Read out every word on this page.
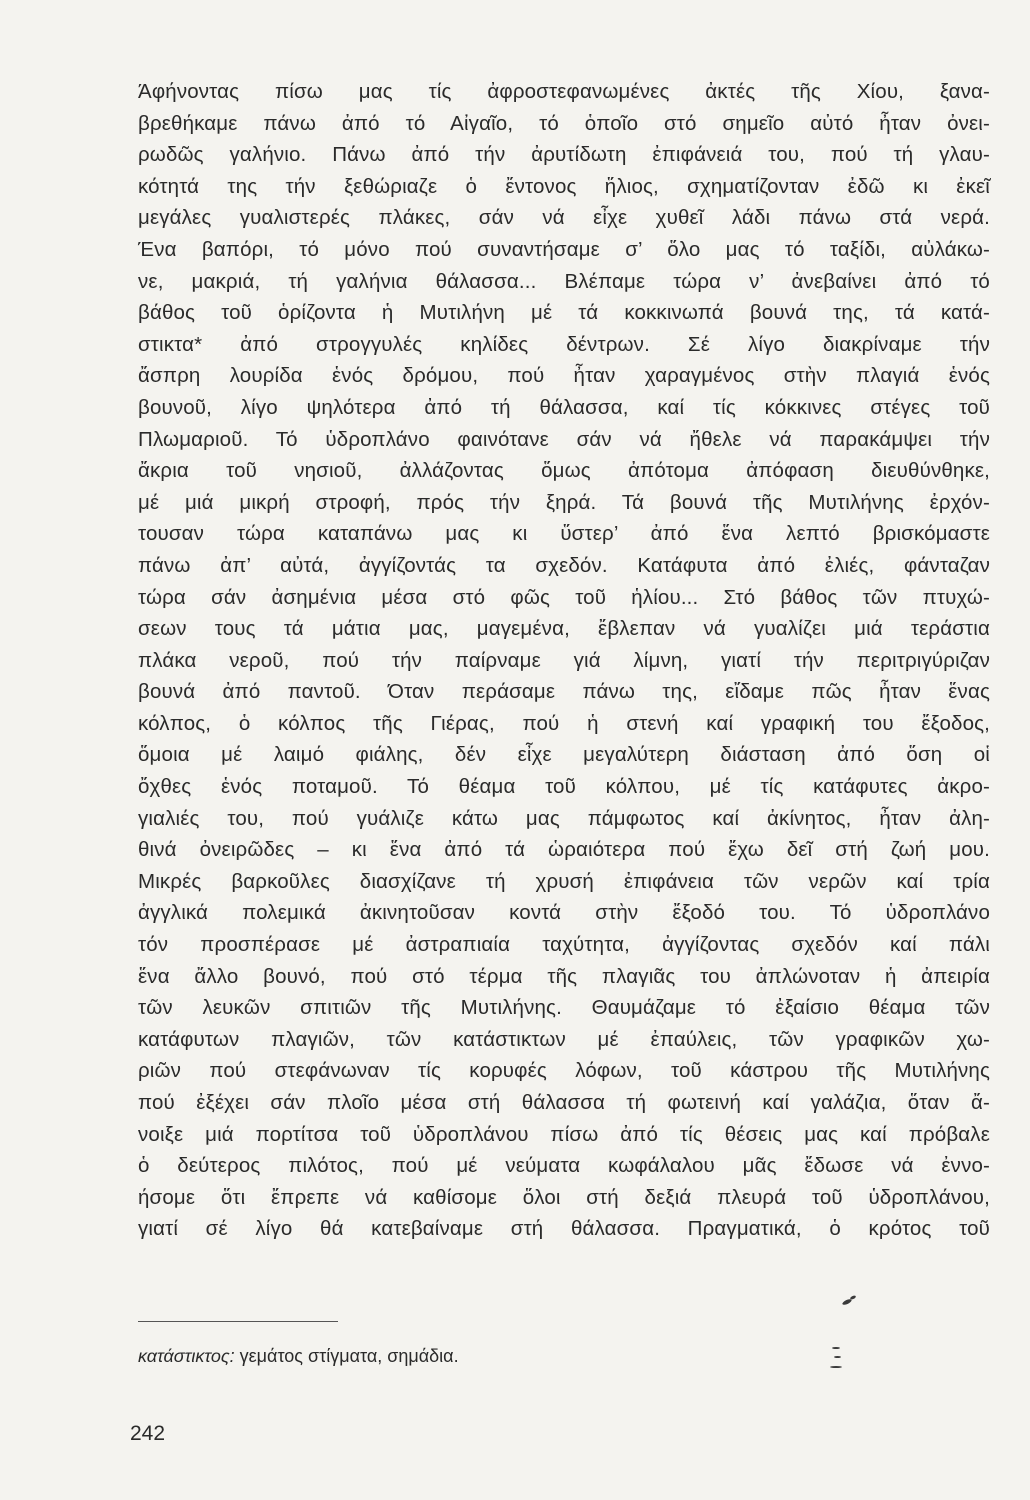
Άφήνοντας πίσω μας τίς ἀφροστεφανωμένες ἀκτές τῆς Χίου, ξανα-
βρεθήκαμε πάνω ἀπό τό Αἰγαῖο, τό ὁποῖο στό σημεῖο αὐτό ἦταν ὀνει-
ρωδῶς γαλήνιο. Πάνω ἀπό τήν ἀρυτίδωτη ἐπιφάνειά του, πού τή γλαυ-
κότητά της τήν ξεθώριαζε ὁ ἔντονος ἥλιος, σχηματίζονταν ἐδῶ κι ἐκεῖ
μεγάλες γυαλιστερές πλάκες, σάν νά εἶχε χυθεῖ λάδι πάνω στά νερά.
Ένα βαπόρι, τό μόνο πού συναντήσαμε σ’ ὅλο μας τό ταξίδι, αὐλάκω-
νε, μακριά, τή γαλήνια θάλασσα... Βλέπαμε τώρα ν’ ἀνεβαίνει ἀπό τό
βάθος τοῦ ὁρίζοντα ἡ Μυτιλήνη μέ τά κοκκινωπά βουνά της, τά κατά-
στικτα* ἀπό στρογγυλές κηλίδες δέντρων. Σέ λίγο διακρίναμε τήν
ἄσπρη λουρίδα ἑνός δρόμου, πού ἦταν χαραγμένος στὴν πλαγιά ἑνός
βουνοῦ, λίγο ψηλότερα ἀπό τή θάλασσα, καί τίς κόκκινες στέγες τοῦ
Πλωμαριοῦ. Τό ὑδροπλάνο φαινότανε σάν νά ἤθελε νά παρακάμψει τήν
ἄκρια τοῦ νησιοῦ, ἀλλάζοντας ὅμως ἀπότομα ἀπόφαση διευθύνθηκε,
μέ μιά μικρή στροφή, πρός τήν ξηρά. Τά βουνά τῆς Μυτιλήνης ἐρχόν-
τουσαν τώρα καταπάνω μας κι ὕστερ’ ἀπό ἕνα λεπτό βρισκόμαστε
πάνω ἀπ’ αὐτά, ἀγγίζοντάς τα σχεδόν. Κατάφυτα ἀπό ἐλιές, φάνταζαν
τώρα σάν ἀσημένια μέσα στό φῶς τοῦ ἡλίου... Στό βάθος τῶν πτυχώ-
σεων τους τά μάτια μας, μαγεμένα, ἔβλεπαν νά γυαλίζει μιά τεράστια
πλάκα νεροῦ, πού τήν παίρναμε γιά λίμνη, γιατί τήν περιτριγύριζαν
βουνά ἀπό παντοῦ. Όταν περάσαμε πάνω της, εἴδαμε πῶς ἦταν ἕνας
κόλπος, ὁ κόλπος τῆς Γιέρας, πού ἡ στενή καί γραφική του ἔξοδος,
ὅμοια μέ λαιμό φιάλης, δέν εἶχε μεγαλύτερη διάσταση ἀπό ὅση οἱ
ὄχθες ἑνός ποταμοῦ. Τό θέαμα τοῦ κόλπου, μέ τίς κατάφυτες ἀκρο-
γιαλιές του, πού γυάλιζε κάτω μας πάμφωτος καί ἀκίνητος, ἦταν ἀλη-
θινά ὀνειρῶδες – κι ἕνα ἀπό τά ὡραιότερα πού ἔχω δεῖ στή ζωή μου.
Μικρές βαρκοῦλες διασχίζανε τή χρυσή ἐπιφάνεια τῶν νερῶν καί τρία
ἀγγλικά πολεμικά ἀκινητοῦσαν κοντά στὴν ἔξοδό του. Τό ὑδροπλάνο
τόν προσπέρασε μέ ἀστραπιαία ταχύτητα, ἀγγίζοντας σχεδόν καί πάλι
ἕνα ἄλλο βουνό, πού στό τέρμα τῆς πλαγιᾶς του ἀπλώνοταν ἡ ἀπειρία
τῶν λευκῶν σπιτιῶν τῆς Μυτιλήνης. Θαυμάζαμε τό ἐξαίσιο θέαμα τῶν
κατάφυτων πλαγιῶν, τῶν κατάστικτων μέ ἐπαύλεις, τῶν γραφικῶν χω-
ριῶν πού στεφάνωναν τίς κορυφές λόφων, τοῦ κάστρου τῆς Μυτιλήνης
πού ἐξέχει σάν πλοῖο μέσα στή θάλασσα τή φωτεινή καί γαλάζια, ὅταν ἄ-
νοιξε μιά πορτίτσα τοῦ ὑδροπλάνου πίσω ἀπό τίς θέσεις μας καί πρόβαλε
ὁ δεύτερος πιλότος, πού μέ νεύματα κωφάλαλου μᾶς ἔδωσε νά ἐννο-
ήσομε ὅτι ἔπρεπε νά καθίσομε ὅλοι στή δεξιά πλευρά τοῦ ὑδροπλάνου,
γιατί σέ λίγο θά κατεβαίναμε στή θάλασσα. Πραγματικά, ὁ κρότος τοῦ
κατάστικτος: γεμάτος στίγματα, σημάδια.
242
